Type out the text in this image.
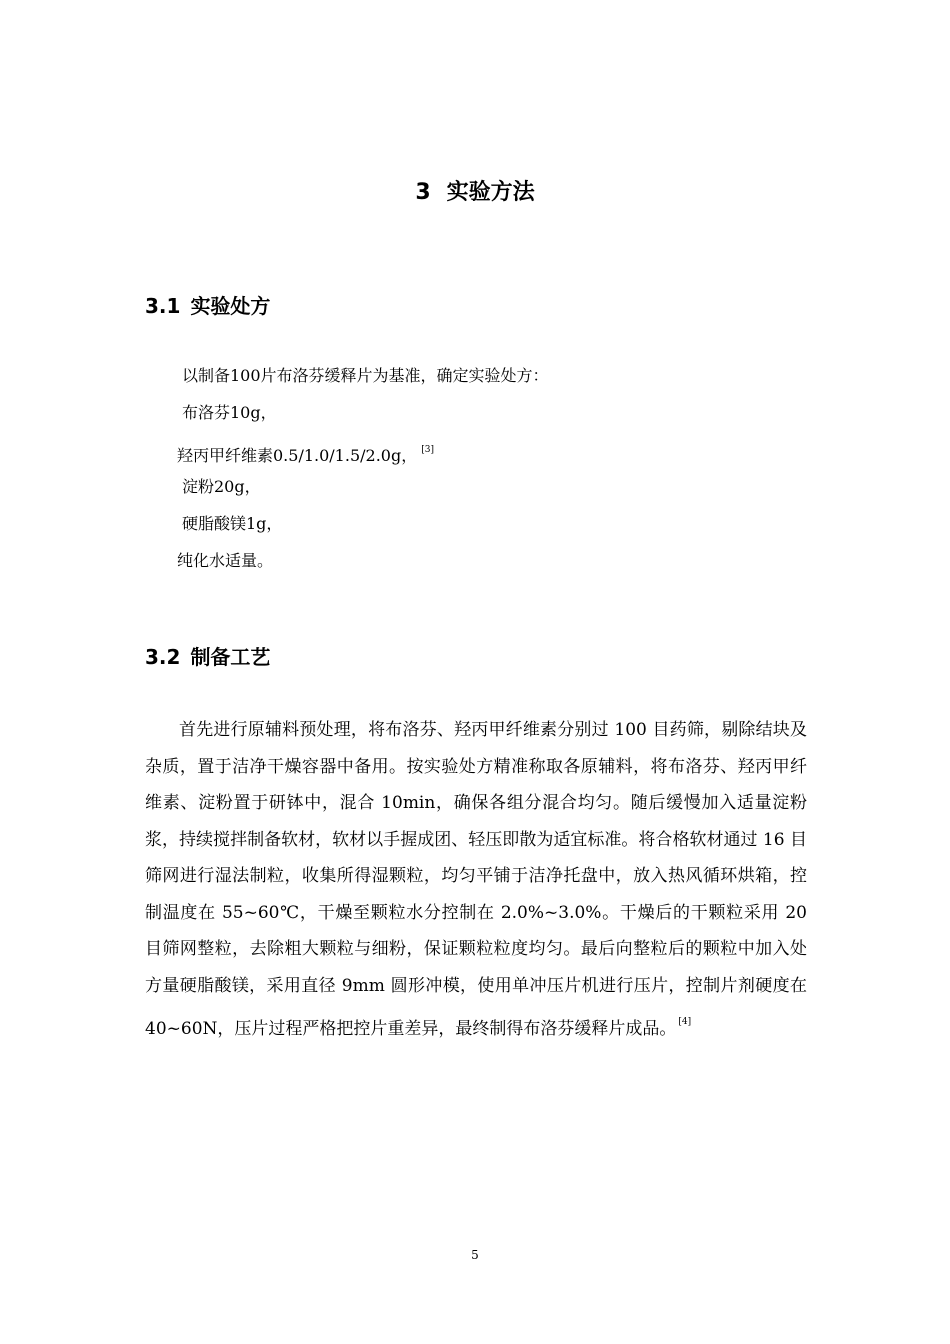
3 实验方法
3.1 实验处方
以制备100片布洛芬缓释片为基准，确定实验处方：
布洛芬10g，
羟丙甲纤维素0.5/1.0/1.5/2.0g， [3]
淀粉20g，
硬脂酸镁1g，
纯化水适量。
3.2 制备工艺
首先进行原辅料预处理，将布洛芬、羟丙甲纤维素分别过 100 目药筛，剔除结块及杂质，置于洁净干燥容器中备用。按实验处方精准称取各原辅料，将布洛芬、羟丙甲纤维素、淀粉置于研钵中，混合 10min，确保各组分混合均匀。随后缓慢加入适量淀粉浆，持续搅拌制备软材，软材以手握成团、轻压即散为适宜标准。将合格软材通过 16 目筛网进行湿法制粒，收集所得湿颗粒，均匀平铺于洁净托盘中，放入热风循环烘箱，控制温度在 55~60℃，干燥至颗粒水分控制在 2.0%~3.0%。干燥后的干颗粒采用 20 目筛网整粒，去除粗大颗粒与细粉，保证颗粒粒度均匀。最后向整粒后的颗粒中加入处方量硬脂酸镁，采用直径 9mm 圆形冲模，使用单冲压片机进行压片，控制片剂硬度在 40~60N，压片过程严格把控片重差异，最终制得布洛芬缓释片成品。 [4]
5
